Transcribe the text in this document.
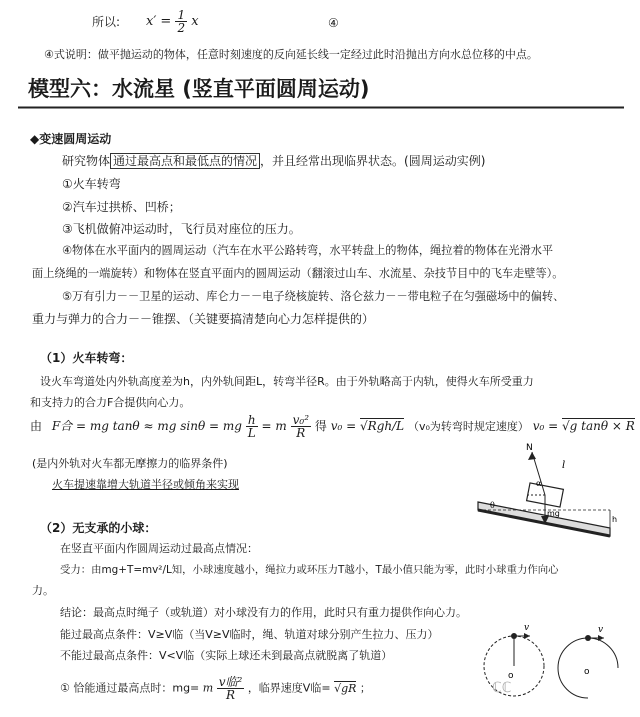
所以: $x' = \frac{1}{2}$ x	④
④式说明：做平抛运动的物体，任意时刻速度的反向延长线一定经过此时沿抛出方向水总位移的中点。
模型六：水流星 (竖直平面圆周运动)
◆变速圆周运动
研究物体 通过最高点和最低点的情况 ，并且经常出现临界状态。(圆周运动实例)
①火车转弯
②汽车过拱桥、凹桥；
③飞机做俯冲运动时，飞行员对座位的压力。
④物体在水平面内的圆周运动（汽车在水平公路转弯，水平转盘上的物体，绳拉着的物体在光滑水平
面上绕绳的一端旋转）和物体在竖直平面内的圆周运动（翻滚过山车、水流星、杂技节目中的飞车走壁等）。
⑤万有引力－－卫星的运动、库仑力－－电子绕核旋转、洛仑兹力－－带电粒子在匀强磁场中的偏转、
重力与弹力的合力－－锥摆、（关键要搞清楚向心力怎样提供的）
（1）火车转弯：
设火车弯道处内外轨高度差为h，内外轨间距L，转弯半径R。由于外轨略高于内轨，使得火车所受重力
和支持力的合力F合提供向心力。
由 F合 = mg tanθ ≈ mg sinθ = mg $\frac{h}{L} = m \frac{\text{v₀²}}{R}$ 得 v₀ = √Rgh/L （v₀为转弯时规定速度） v₀ = √g tanθ × R
(是内外轨对火车都无摩擦力的临界条件)
火车提速靠增大轨道半径或倾角来实现
N
l
mg
h
θ
α
（2）无支承的小球：
在竖直平面内作圆周运动过最高点情况：
受力：由mg+T=mv²/L知，小球速度越小，绳拉力或环压力T越小，T最小值只能为零，此时小球重力作向心
力。
结论：最高点时绳子（或轨道）对小球没有力的作用，此时只有重力提供作向心力。
能过最高点条件：V≥V临（当V≥V临时，绳、轨道对球分别产生拉力、压力）
不能过最高点条件：V<V临（实际上球还未到最高点就脱离了轨道）
① 恰能通过最高点时：mg= m $\frac{\text{v临²}}{R}$ ，临界速度V临= √gR ；
v
o
v
o
ℂℂ
